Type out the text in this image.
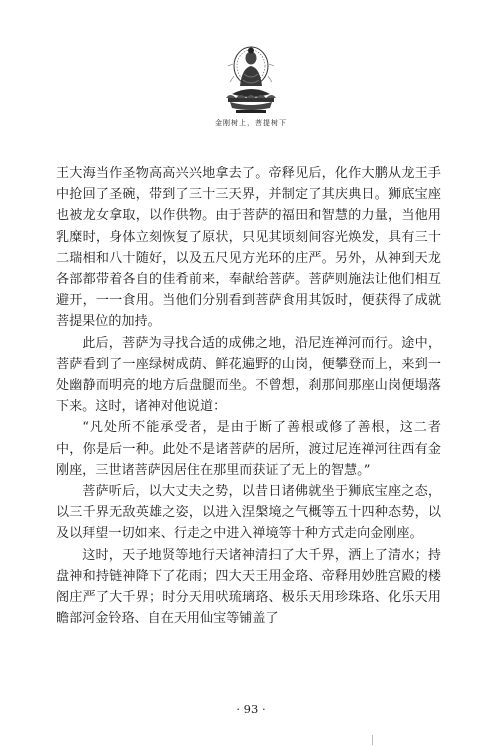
金刚树上，菩提树下

王大海当作圣物高高兴兴地拿去了。帝释见后，化作大鹏从龙王手中抢回了圣碗，带到了三十三天界，并制定了其庆典日。狮底宝座也被龙女拿取，以作供物。由于菩萨的福田和智慧的力量，当他用乳糜时，身体立刻恢复了原状，只见其顷刻间容光焕发，具有三十二瑞相和八十随好，以及五尺见方光环的庄严。另外，从神到天龙各部都带着各自的佳肴前来，奉献给菩萨。菩萨则施法让他们相互避开，一一食用。当他们分别看到菩萨食用其饭时，便获得了成就菩提果位的加持。

此后，菩萨为寻找合适的成佛之地，沿尼连禅河而行。途中，菩萨看到了一座绿树成荫、鲜花遍野的山岗，便攀登而上，来到一处幽静而明亮的地方后盘腿而坐。不曾想，刹那间那座山岗便塌落下来。这时，诸神对他说道：

“凡处所不能承受者，是由于断了善根或修了善根，这二者中，你是后一种。此处不是诸菩萨的居所，渡过尼连禅河往西有金刚座，三世诸菩萨因居住在那里而获证了无上的智慧。”

菩萨听后，以大丈夫之势，以昔日诸佛就坐于狮底宝座之态，以三千界无敌英雄之姿，以进入涅槃境之气概等五十四种态势，以及以拜望一切如来、行走之中进入禅境等十种方式走向金刚座。

这时，天子地贤等地行天诸神清扫了大千界，洒上了清水；持盘神和持链神降下了花雨；四大天王用金珞、帝释用妙胜宫殿的楼阁庄严了大千界；时分天用吠琉璃珞、极乐天用珍珠珞、化乐天用瞻部河金铃珞、自在天用仙宝等铺盖了

· 93 ·
